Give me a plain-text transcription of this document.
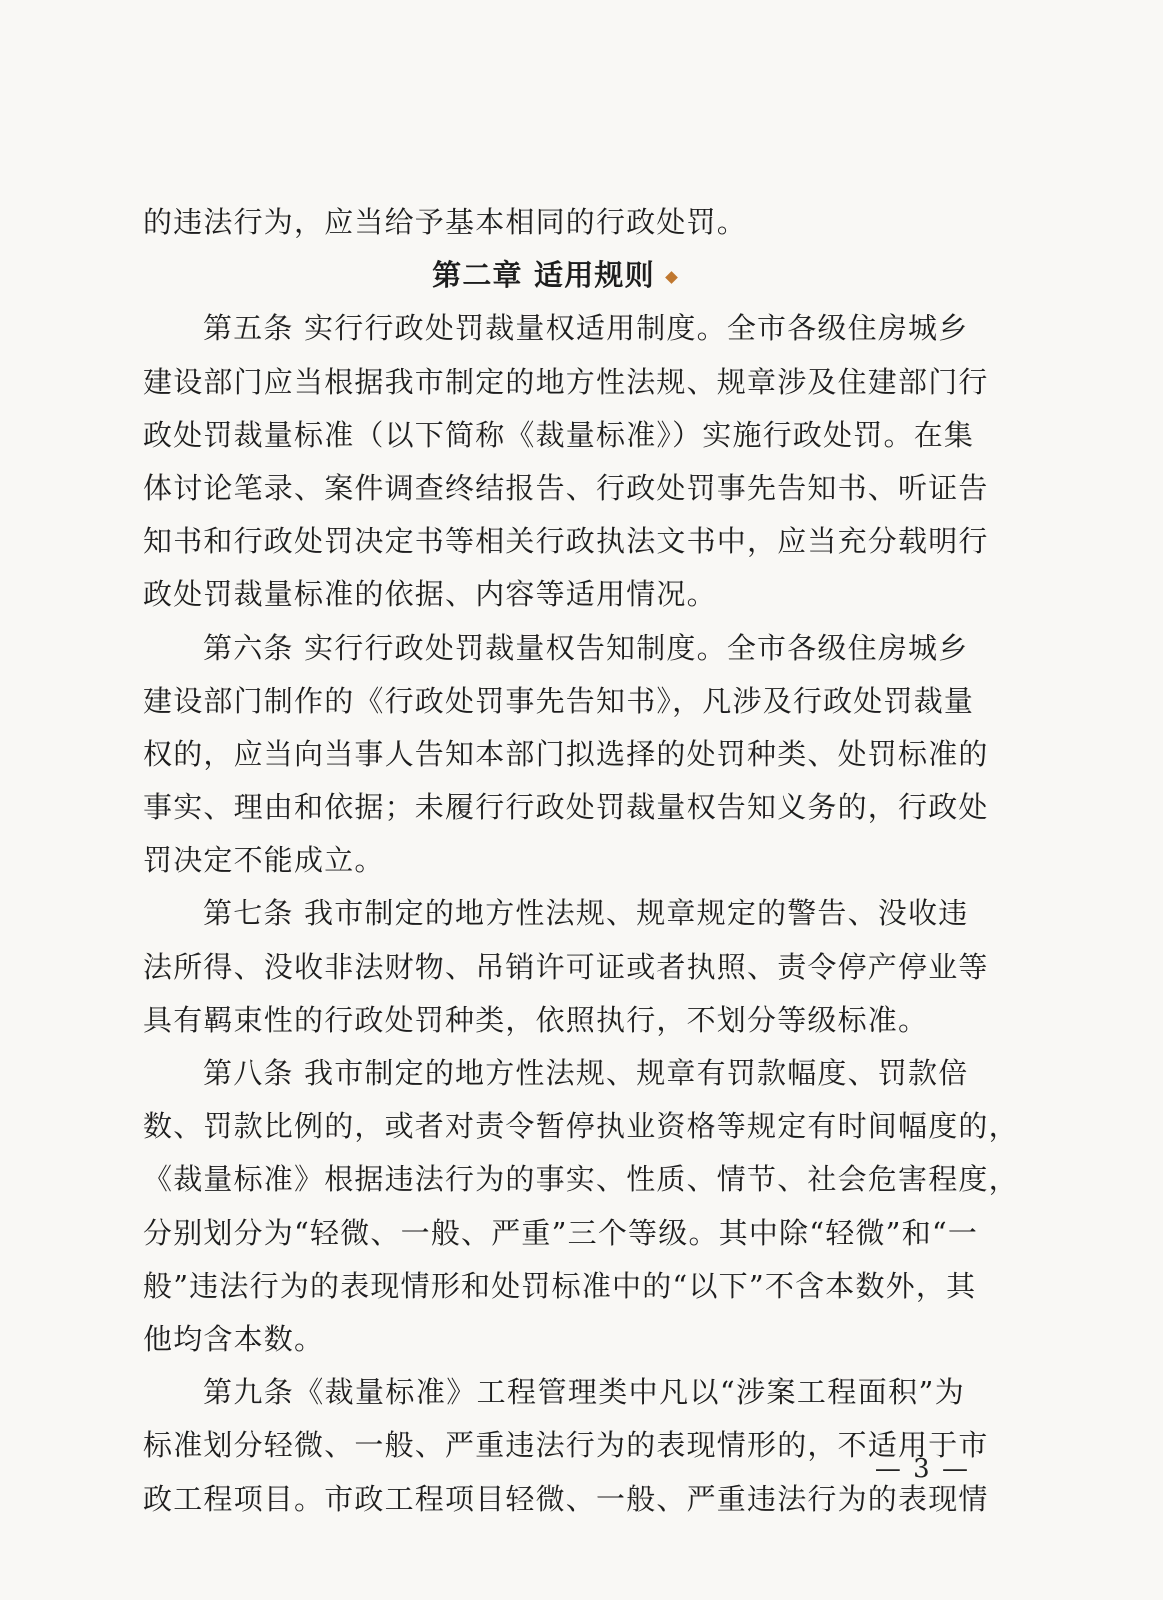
的违法行为，应当给予基本相同的行政处罚。
第二章 适用规则
第五条 实行行政处罚裁量权适用制度。全市各级住房城乡
建设部门应当根据我市制定的地方性法规、规章涉及住建部门行
政处罚裁量标准（以下简称《裁量标准》）实施行政处罚。在集
体讨论笔录、案件调查终结报告、行政处罚事先告知书、听证告
知书和行政处罚决定书等相关行政执法文书中，应当充分载明行
政处罚裁量标准的依据、内容等适用情况。
第六条 实行行政处罚裁量权告知制度。全市各级住房城乡
建设部门制作的《行政处罚事先告知书》，凡涉及行政处罚裁量
权的，应当向当事人告知本部门拟选择的处罚种类、处罚标准的
事实、理由和依据；未履行行政处罚裁量权告知义务的，行政处
罚决定不能成立。
第七条 我市制定的地方性法规、规章规定的警告、没收违
法所得、没收非法财物、吊销许可证或者执照、责令停产停业等
具有羁束性的行政处罚种类，依照执行，不划分等级标准。
第八条 我市制定的地方性法规、规章有罚款幅度、罚款倍
数、罚款比例的，或者对责令暂停执业资格等规定有时间幅度的，
《裁量标准》根据违法行为的事实、性质、情节、社会危害程度，
分别划分为“轻微、一般、严重”三个等级。其中除“轻微”和“一
般”违法行为的表现情形和处罚标准中的“以下”不含本数外，其
他均含本数。
第九条《裁量标准》工程管理类中凡以“涉案工程面积”为
标准划分轻微、一般、严重违法行为的表现情形的，不适用于市
政工程项目。市政工程项目轻微、一般、严重违法行为的表现情
— 3 —
